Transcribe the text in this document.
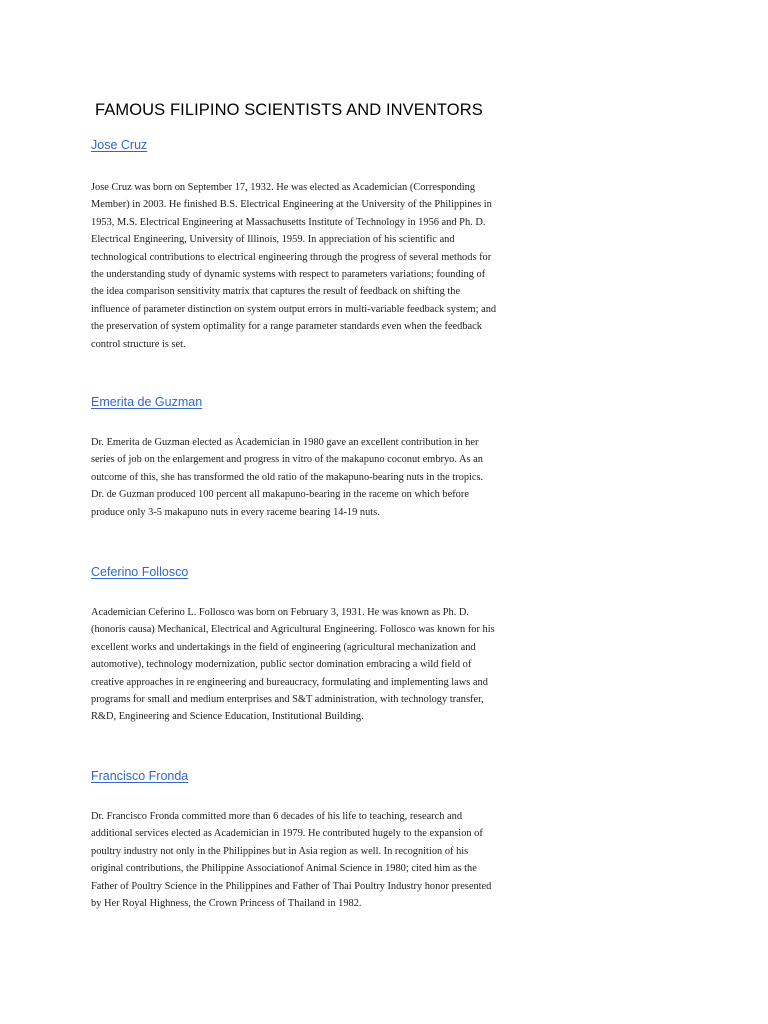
FAMOUS FILIPINO SCIENTISTS AND INVENTORS
Jose Cruz

Jose Cruz was born on September 17, 1932. He was elected as Academician (Corresponding
Member) in 2003. He finished B.S. Electrical Engineering at the University of the Philippines in
1953, M.S. Electrical Engineering at Massachusetts Institute of Technology in 1956 and Ph. D.
Electrical Engineering, University of Illinois, 1959. In appreciation of his scientific and
technological contributions to electrical engineering through the progress of several methods for
the understanding study of dynamic systems with respect to parameters variations; founding of
the idea comparison sensitivity matrix that captures the result of feedback on shifting the
influence of parameter distinction on system output errors in multi-variable feedback system; and
the preservation of system optimality for a range parameter standards even when the feedback
control structure is set.

Emerita de Guzman

Dr. Emerita de Guzman elected as Academician in 1980 gave an excellent contribution in her
series of job on the enlargement and progress in vitro of the makapuno coconut embryo. As an
outcome of this, she has transformed the old ratio of the makapuno-bearing nuts in the tropics.
Dr. de Guzman produced 100 percent all makapuno-bearing in the raceme on which before
produce only 3-5 makapuno nuts in every raceme bearing 14-19 nuts.

Ceferino Follosco

Academician Ceferino L. Follosco was born on February 3, 1931. He was known as Ph. D.
(honoris causa) Mechanical, Electrical and Agricultural Engineering. Follosco was known for his
excellent works and undertakings in the field of engineering (agricultural mechanization and
automotive), technology modernization, public sector domination embracing a wild field of
creative approaches in re engineering and bureaucracy, formulating and implementing laws and
programs for small and medium enterprises and S&T administration, with technology transfer,
R&D, Engineering and Science Education, Institutional Building.

Francisco Fronda

Dr. Francisco Fronda committed more than 6 decades of his life to teaching, research and
additional services elected as Academician in 1979. He contributed hugely to the expansion of
poultry industry not only in the Philippines but in Asia region as well. In recognition of his
original contributions, the Philippine Associationof Animal Science in 1980; cited him as the
Father of Poultry Science in the Philippines and Father of Thai Poultry Industry honor presented
by Her Royal Highness, the Crown Princess of Thailand in 1982.
